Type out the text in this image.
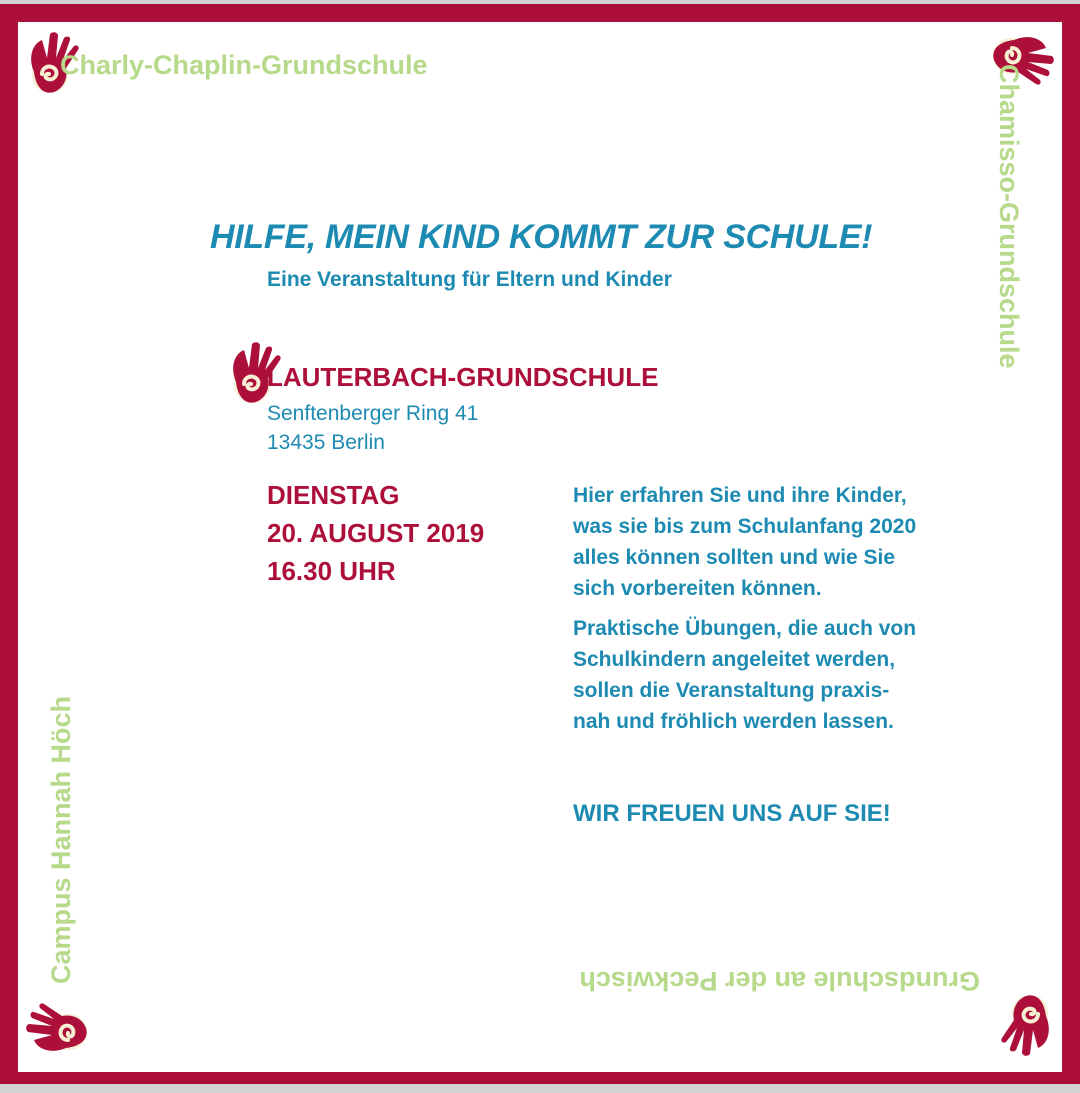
Charly-Chaplin-Grundschule	Chamisso-Grundschule
Campus Hannah Höch	Grundschule an der Peckwisch
HILFE, MEIN KIND KOMMT ZUR SCHULE!
Eine Veranstaltung für Eltern und Kinder
LAUTERBACH-GRUNDSCHULE
Senftenberger Ring 41
13435 Berlin
DIENSTAG
20. AUGUST 2019
16.30 UHR

Hier erfahren Sie und ihre Kinder,
was sie bis zum Schulanfang 2020
alles können sollten und wie Sie
sich vorbereiten können.

Praktische Übungen, die auch von
Schulkindern angeleitet werden,
sollen die Veranstaltung praxis-
nah und fröhlich werden lassen.

WIR FREUEN UNS AUF SIE!
